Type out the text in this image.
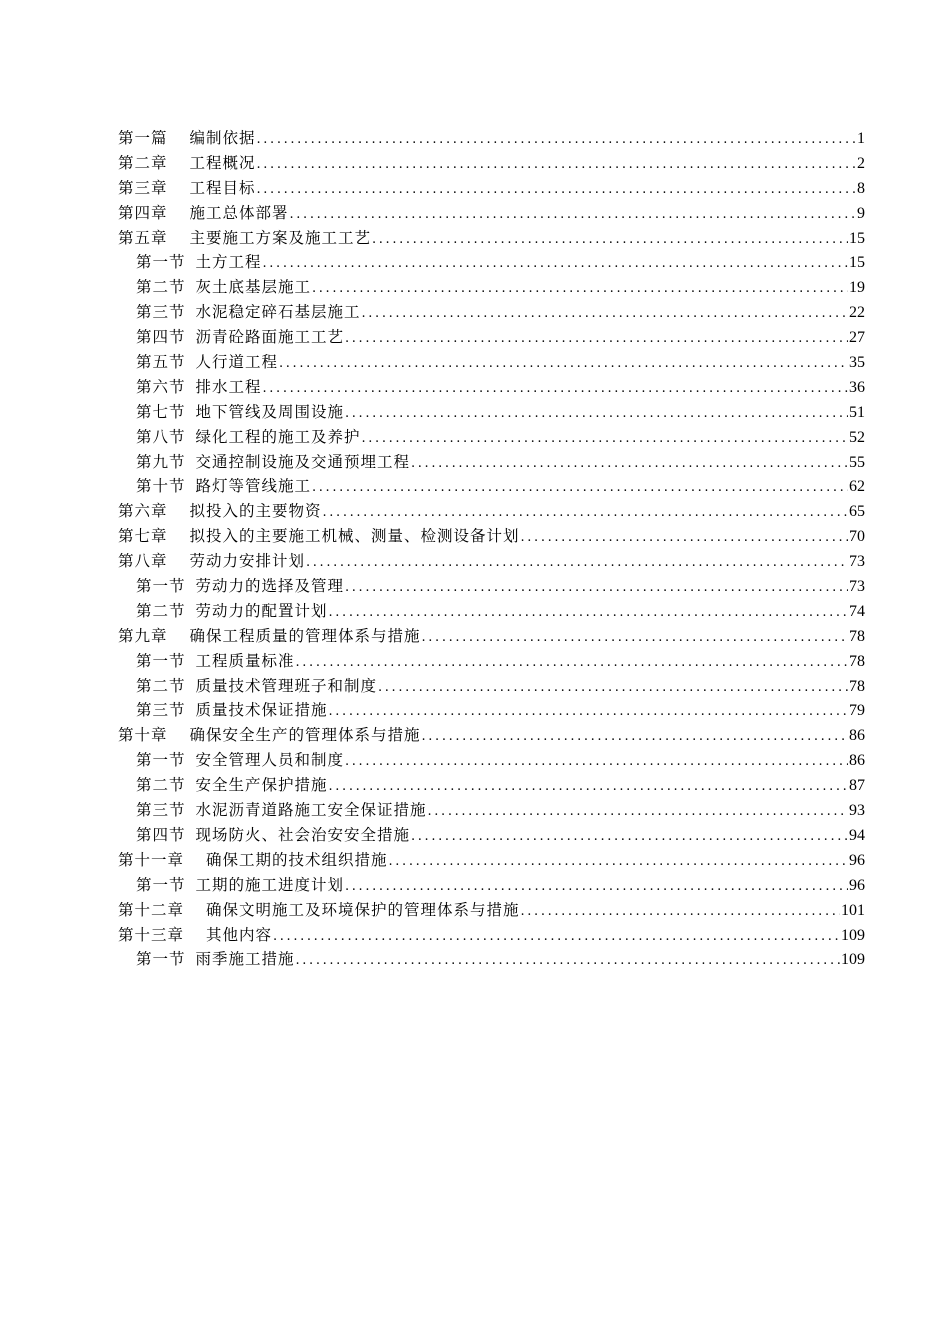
第一篇 编制依据 . . .	1
第二章 工程概况 . . .	2
第三章 工程目标 . . .	8
第四章 施工总体部署 . . .	9
第五章 主要施工方案及施工工艺 . . .	15
第一节 土方工程 . . .	15
第二节 灰土底基层施工 . . .	19
第三节 水泥稳定碎石基层施工 . . .	22
第四节 沥青砼路面施工工艺 . . .	27
第五节 人行道工程 . . .	35
第六节 排水工程 . . .	36
第七节 地下管线及周围设施 . . .	51
第八节 绿化工程的施工及养护 . . .	52
第九节 交通控制设施及交通预埋工程 . . .	55
第十节 路灯等管线施工 . . .	62
第六章 拟投入的主要物资 . . .	65
第七章 拟投入的主要施工机械、测量、检测设备计划 . . .	70
第八章 劳动力安排计划 . . .	73
第一节 劳动力的选择及管理 . . .	73
第二节 劳动力的配置计划 . . .	74
第九章 确保工程质量的管理体系与措施 . . .	78
第一节 工程质量标准 . . .	78
第二节 质量技术管理班子和制度 . . .	78
第三节 质量技术保证措施 . . .	79
第十章 确保安全生产的管理体系与措施 . . .	86
第一节 安全管理人员和制度 . . .	86
第二节 安全生产保护措施 . . .	87
第三节 水泥沥青道路施工安全保证措施 . . .	93
第四节 现场防火、社会治安安全措施 . . .	94
第十一章 确保工期的技术组织措施 . . .	96
第一节 工期的施工进度计划 . . .	96
第十二章 确保文明施工及环境保护的管理体系与措施 . . .	101
第十三章 其他内容 . . .	109
第一节 雨季施工措施 . . .	109
